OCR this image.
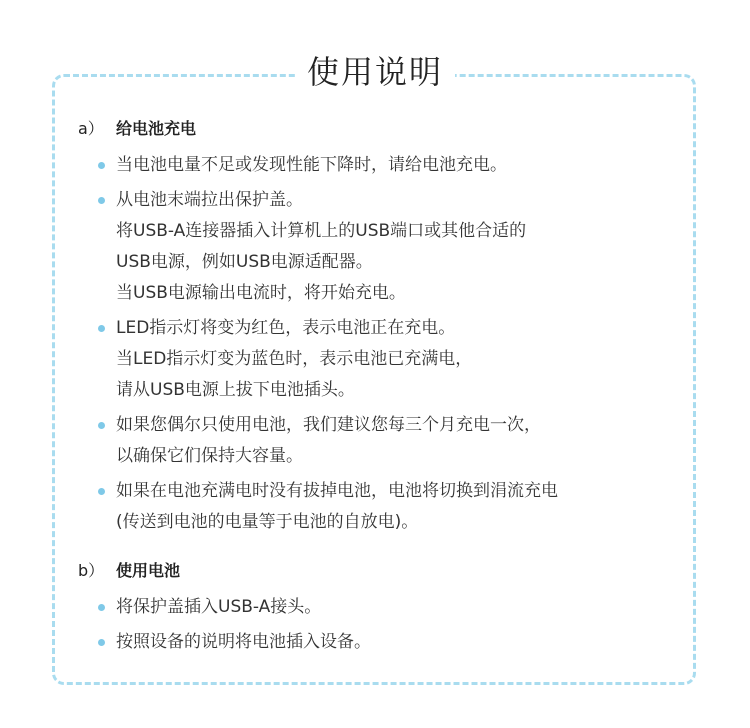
使用说明
a） 给电池充电
当电池电量不足或发现性能下降时，请给电池充电。
从电池末端拉出保护盖。
将USB-A连接器插入计算机上的USB端口或其他合适的
USB电源，例如USB电源适配器。
当USB电源输出电流时，将开始充电。
LED指示灯将变为红色，表示电池正在充电。
当LED指示灯变为蓝色时，表示电池已充满电，
请从USB电源上拔下电池插头。
如果您偶尔只使用电池，我们建议您每三个月充电一次，
以确保它们保持大容量。
如果在电池充满电时没有拔掉电池，电池将切换到涓流充电
(传送到电池的电量等于电池的自放电)。
b） 使用电池
将保护盖插入USB-A接头。
按照设备的说明将电池插入设备。
